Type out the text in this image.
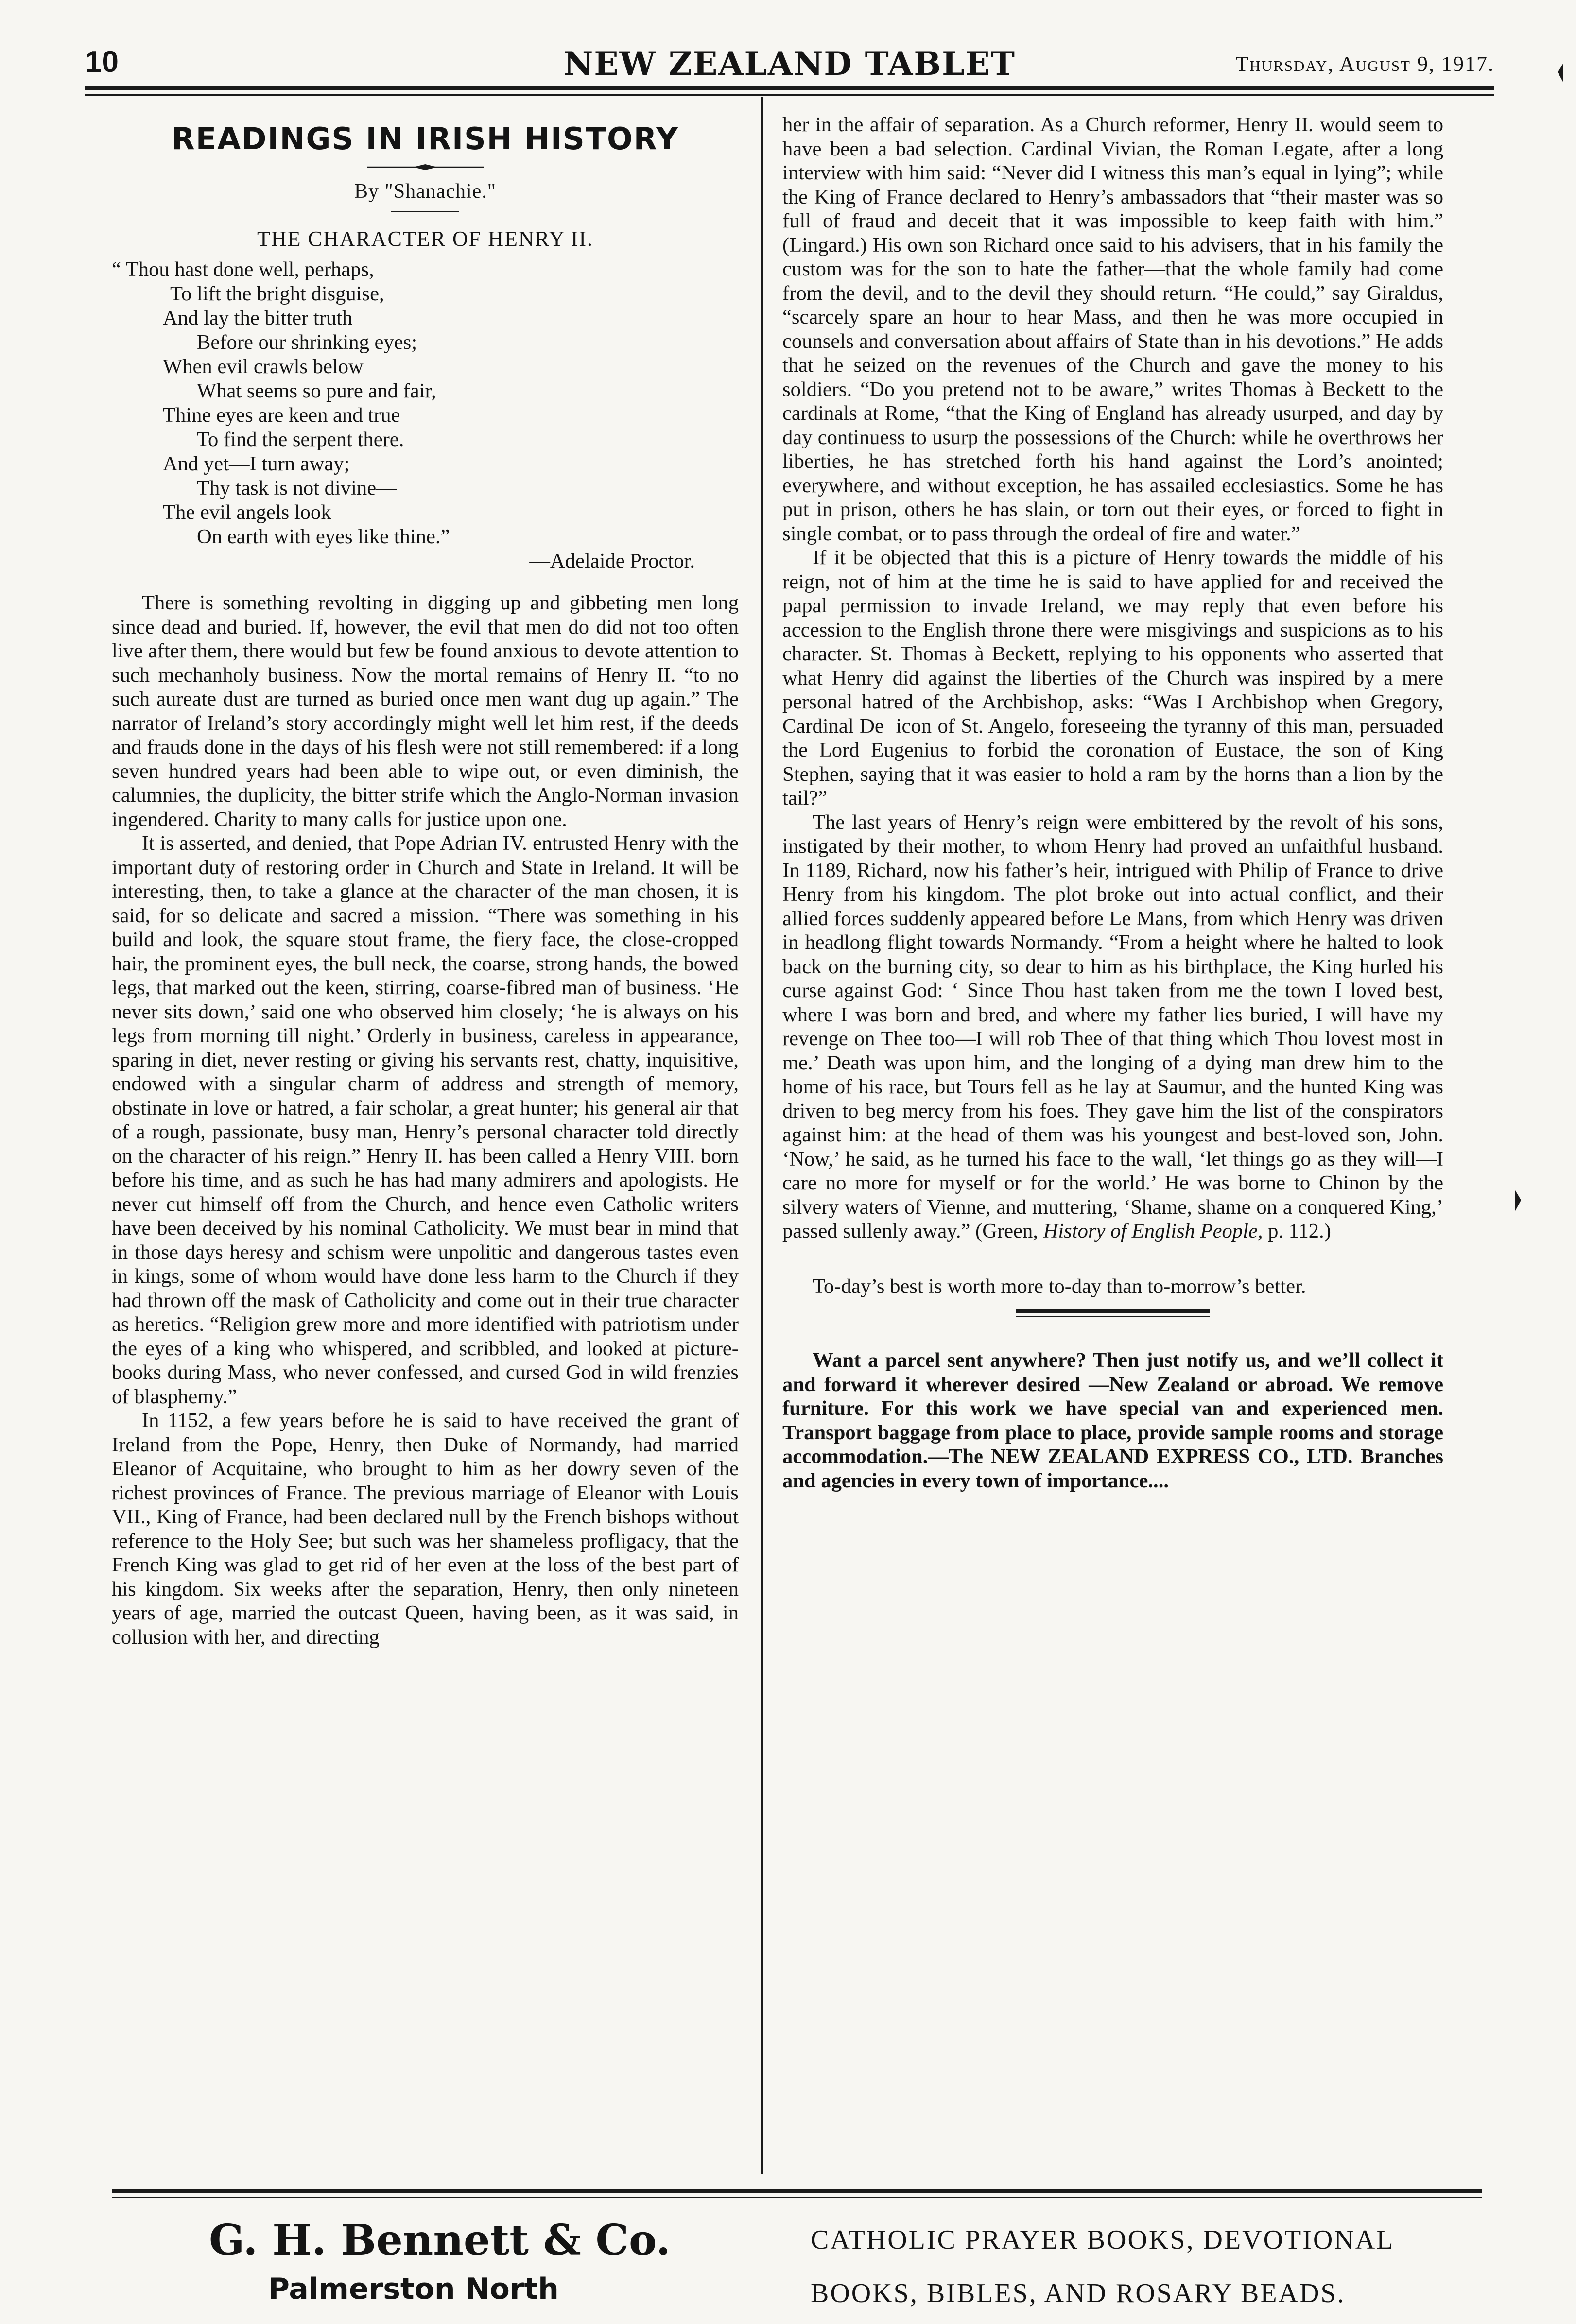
10	NEW ZEALAND TABLET	Thursday, August 9, 1917.
READINGS IN IRISH HISTORY
By "Shanachie."
THE CHARACTER OF HENRY II.
“ Thou hast done well, perhaps,
To lift the bright disguise,
And lay the bitter truth
Before our shrinking eyes;
When evil crawls below
What seems so pure and fair,
Thine eyes are keen and true
To find the serpent there.
And yet—I turn away;
Thy task is not divine—
The evil angels look
On earth with eyes like thine.”
—Adelaide Proctor.

There is something revolting in digging up and gibbeting men long since dead and buried. If, however, the evil that men do did not too often live after them, there would but few be found anxious to devote attention to such mechanholy business. Now the mortal remains of Henry II. “to no such aureate dust are turned as buried once men want dug up again.” The narrator of Ireland’s story accordingly might well let him rest, if the deeds and frauds done in the days of his flesh were not still remembered: if a long seven hundred years had been able to wipe out, or even diminish, the calumnies, the duplicity, the bitter strife which the Anglo-Norman invasion ingendered. Charity to many calls for justice upon one.

It is asserted, and denied, that Pope Adrian IV. entrusted Henry with the important duty of restoring order in Church and State in Ireland. It will be interesting, then, to take a glance at the character of the man chosen, it is said, for so delicate and sacred a mission. “There was something in his build and look, the square stout frame, the fiery face, the close-cropped hair, the prominent eyes, the bull neck, the coarse, strong hands, the bowed legs, that marked out the keen, stirring, coarse-fibred man of business. ‘He never sits down,’ said one who observed him closely; ‘he is always on his legs from morning till night.’ Orderly in business, careless in appearance, sparing in diet, never resting or giving his servants rest, chatty, inquisitive, endowed with a singular charm of address and strength of memory, obstinate in love or hatred, a fair scholar, a great hunter; his general air that of a rough, passionate, busy man, Henry’s personal character told directly on the character of his reign.” Henry II. has been called a Henry VIII. born before his time, and as such he has had many admirers and apologists. He never cut himself off from the Church, and hence even Catholic writers have been deceived by his nominal Catholicity. We must bear in mind that in those days heresy and schism were unpolitic and dangerous tastes even in kings, some of whom would have done less harm to the Church if they had thrown off the mask of Catholicity and come out in their true character as heretics. “Religion grew more and more identified with patriotism under the eyes of a king who whispered, and scribbled, and looked at picture-books during Mass, who never confessed, and cursed God in wild frenzies of blasphemy.”

In 1152, a few years before he is said to have received the grant of Ireland from the Pope, Henry, then Duke of Normandy, had married Eleanor of Acquitaine, who brought to him as her dowry seven of the richest provinces of France. The previous marriage of Eleanor with Louis VII., King of France, had been declared null by the French bishops without reference to the Holy See; but such was her shameless profligacy, that the French King was glad to get rid of her even at the loss of the best part of his kingdom. Six weeks after the separation, Henry, then only nineteen years of age, married the outcast Queen, having been, as it was said, in collusion with her, and directing

her in the affair of separation. As a Church reformer, Henry II. would seem to have been a bad selection. Cardinal Vivian, the Roman Legate, after a long interview with him said: “Never did I witness this man’s equal in lying”; while the King of France declared to Henry’s ambassadors that “their master was so full of fraud and deceit that it was impossible to keep faith with him.” (Lingard.) His own son Richard once said to his advisers, that in his family the custom was for the son to hate the father—that the whole family had come from the devil, and to the devil they should return. “He could,” say Giraldus, “scarcely spare an hour to hear Mass, and then he was more occupied in counsels and conversation about affairs of State than in his devotions.” He adds that he seized on the revenues of the Church and gave the money to his soldiers. “Do you pretend not to be aware,” writes Thomas à Beckett to the cardinals at Rome, “that the King of England has already usurped, and day by day continuess to usurp the possessions of the Church: while he overthrows her liberties, he has stretched forth his hand against the Lord’s anointed; everywhere, and without exception, he has assailed ecclesiastics. Some he has put in prison, others he has slain, or torn out their eyes, or forced to fight in single combat, or to pass through the ordeal of fire and water.”

If it be objected that this is a picture of Henry towards the middle of his reign, not of him at the time he is said to have applied for and received the papal permission to invade Ireland, we may reply that even before his accession to the English throne there were misgivings and suspicions as to his character. St. Thomas à Beckett, replying to his opponents who asserted that what Henry did against the liberties of the Church was inspired by a mere personal hatred of the Archbishop, asks: “Was I Archbishop when Gregory, Cardinal De  icon of St. Angelo, foreseeing the tyranny of this man, persuaded the Lord Eugenius to forbid the coronation of Eustace, the son of King Stephen, saying that it was easier to hold a ram by the horns than a lion by the tail?”

The last years of Henry’s reign were embittered by the revolt of his sons, instigated by their mother, to whom Henry had proved an unfaithful husband. In 1189, Richard, now his father’s heir, intrigued with Philip of France to drive Henry from his kingdom. The plot broke out into actual conflict, and their allied forces suddenly appeared before Le Mans, from which Henry was driven in headlong flight towards Normandy. “From a height where he halted to look back on the burning city, so dear to him as his birthplace, the King hurled his curse against God: ‘ Since Thou hast taken from me the town I loved best, where I was born and bred, and where my father lies buried, I will have my revenge on Thee too—I will rob Thee of that thing which Thou lovest most in me.’ Death was upon him, and the longing of a dying man drew him to the home of his race, but Tours fell as he lay at Saumur, and the hunted King was driven to beg mercy from his foes. They gave him the list of the conspirators against him: at the head of them was his youngest and best-loved son, John. ‘Now,’ he said, as he turned his face to the wall, ‘let things go as they will—I care no more for myself or for the world.’ He was borne to Chinon by the silvery waters of Vienne, and muttering, ‘Shame, shame on a conquered King,’ passed sullenly away.” (Green, History of English People, p. 112.)

To-day’s best is worth more to-day than to-morrow’s better.

Want a parcel sent anywhere? Then just notify us, and we’ll collect it and forward it wherever desired —New Zealand or abroad. We remove furniture. For this work we have special van and experienced men. Transport baggage from place to place, provide sample rooms and storage accommodation.—The NEW ZEALAND EXPRESS CO., LTD. Branches and agencies in every town of importance....

G. H. Bennett & Co.
Palmerston North
CATHOLIC PRAYER BOOKS, DEVOTIONAL
BOOKS, BIBLES, AND ROSARY BEADS.
